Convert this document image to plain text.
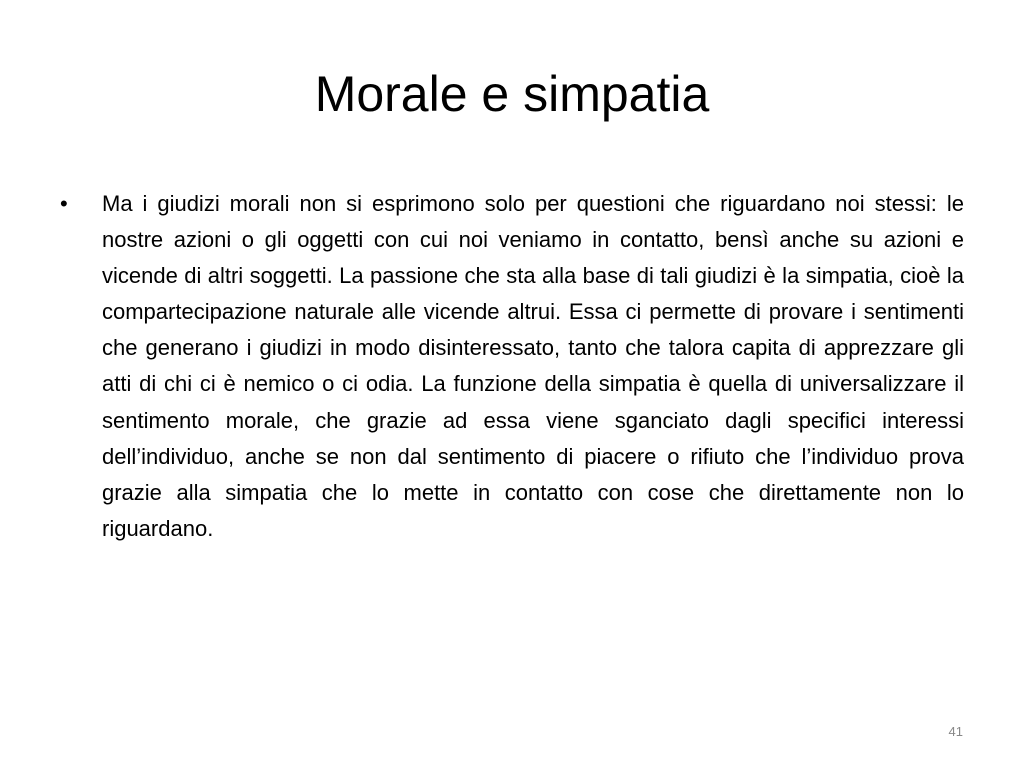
Morale e simpatia
• Ma i giudizi morali non si esprimono solo per questioni che riguardano noi stessi: le nostre azioni o gli oggetti con cui noi veniamo in contatto, bensì anche su azioni e vicende di altri soggetti. La passione che sta alla base di tali giudizi è la simpatia, cioè la compartecipazione naturale alle vicende altrui. Essa ci permette di provare i sentimenti che generano i giudizi in modo disinteressato, tanto che talora capita di apprezzare gli atti di chi ci è nemico o ci odia. La funzione della simpatia è quella di universalizzare il sentimento morale, che grazie ad essa viene sganciato dagli specifici interessi dell’individuo, anche se non dal sentimento di piacere o rifiuto che l’individuo prova grazie alla simpatia che lo mette in contatto con cose che direttamente non lo riguardano.
41
